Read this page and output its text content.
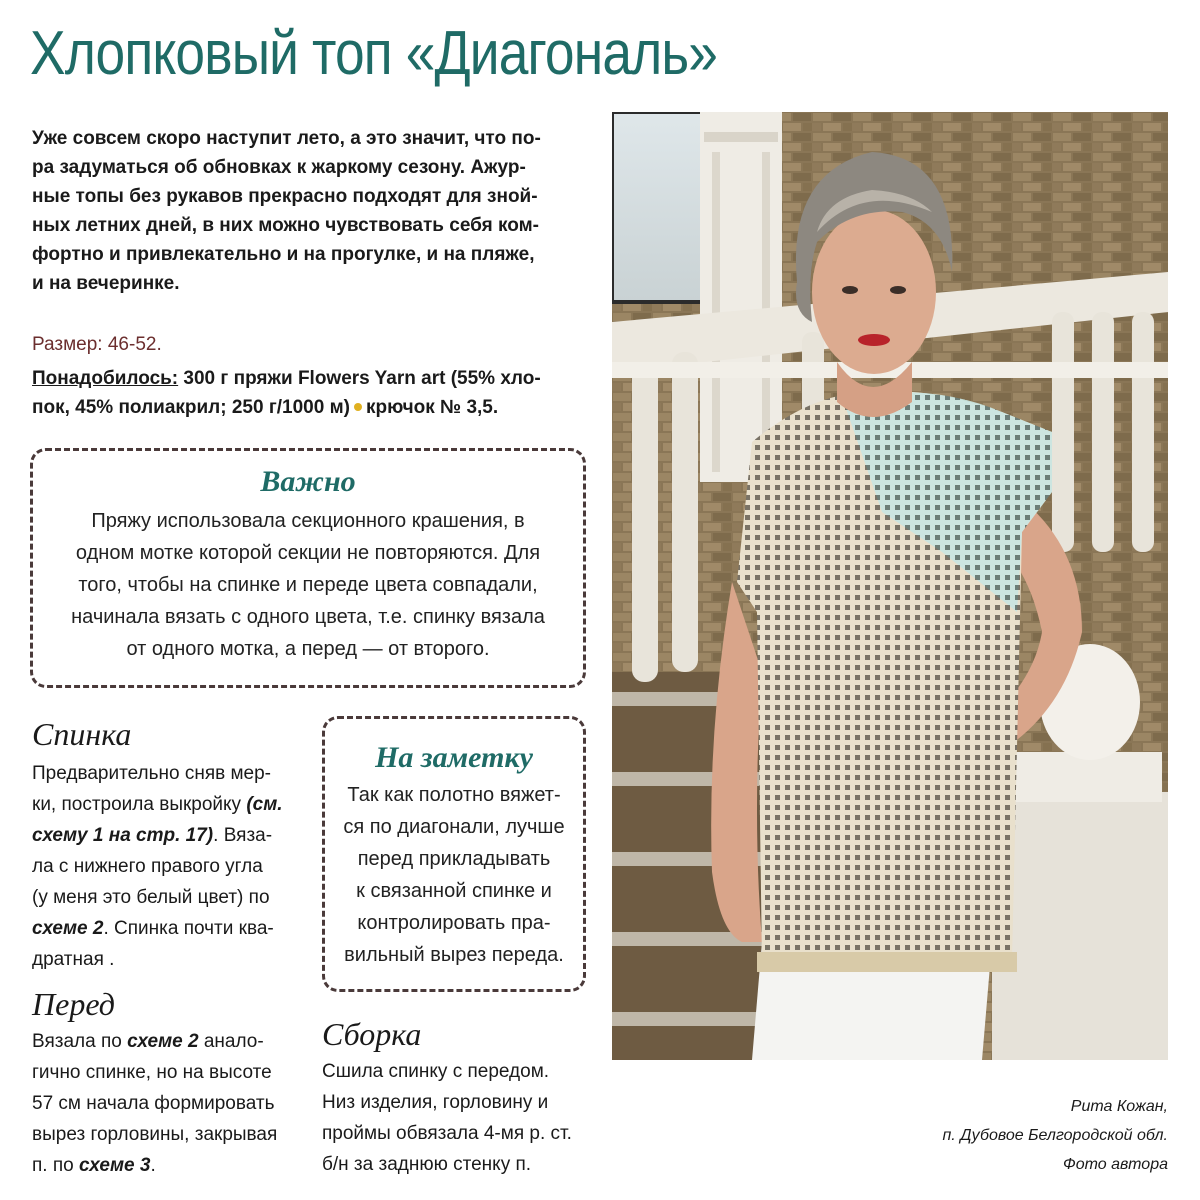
Хлопковый топ «Диагональ»

Уже совсем скоро наступит лето, а это значит, что по-

ра задуматься об обновках к жаркому сезону. Ажур-

ные топы без рукавов прекрасно подходят для зной-

ных летних дней, в них можно чувствовать себя ком-

фортно и привлекательно и на прогулке, и на пляже,

и на вечеринке.

Размер: 46-52.
Понадобилось: 300 г пряжи Flowers Yarn art (55% хло-
пок, 45% полиакрил; 250 г/1000 м) крючок № 3,5.
Важно
Пряжу использовала секционного крашения, в
одном мотке которой секции не повторяются. Для
того, чтобы на спинке и переде цвета совпадали,
начинала вязать с одного цвета, т.е. спинку вязала
от одного мотка, а перед — от второго.
Спинка
Предварительно сняв мер-
ки, построила выкройку (см.
схему 1 на стр. 17). Вяза-
ла с нижнего правого угла
(у меня это белый цвет) по
схеме 2. Спинка почти ква-
дратная .
На заметку
Так как полотно вяжет-
ся по диагонали, лучше
перед прикладывать
к связанной спинке и
контролировать пра-
вильный вырез переда.
Перед
Вязала по схеме 2 анало-
гично спинке, но на высоте
57 см начала формировать
вырез горловины, закрывая
п. по схеме 3.
Сборка
Сшила спинку с передом.
Низ изделия, горловину и
проймы обвязала 4-мя р. ст.
б/н за заднюю стенку п.
Рита Кожан,
п. Дубовое Белгородской обл.
Фото автора
